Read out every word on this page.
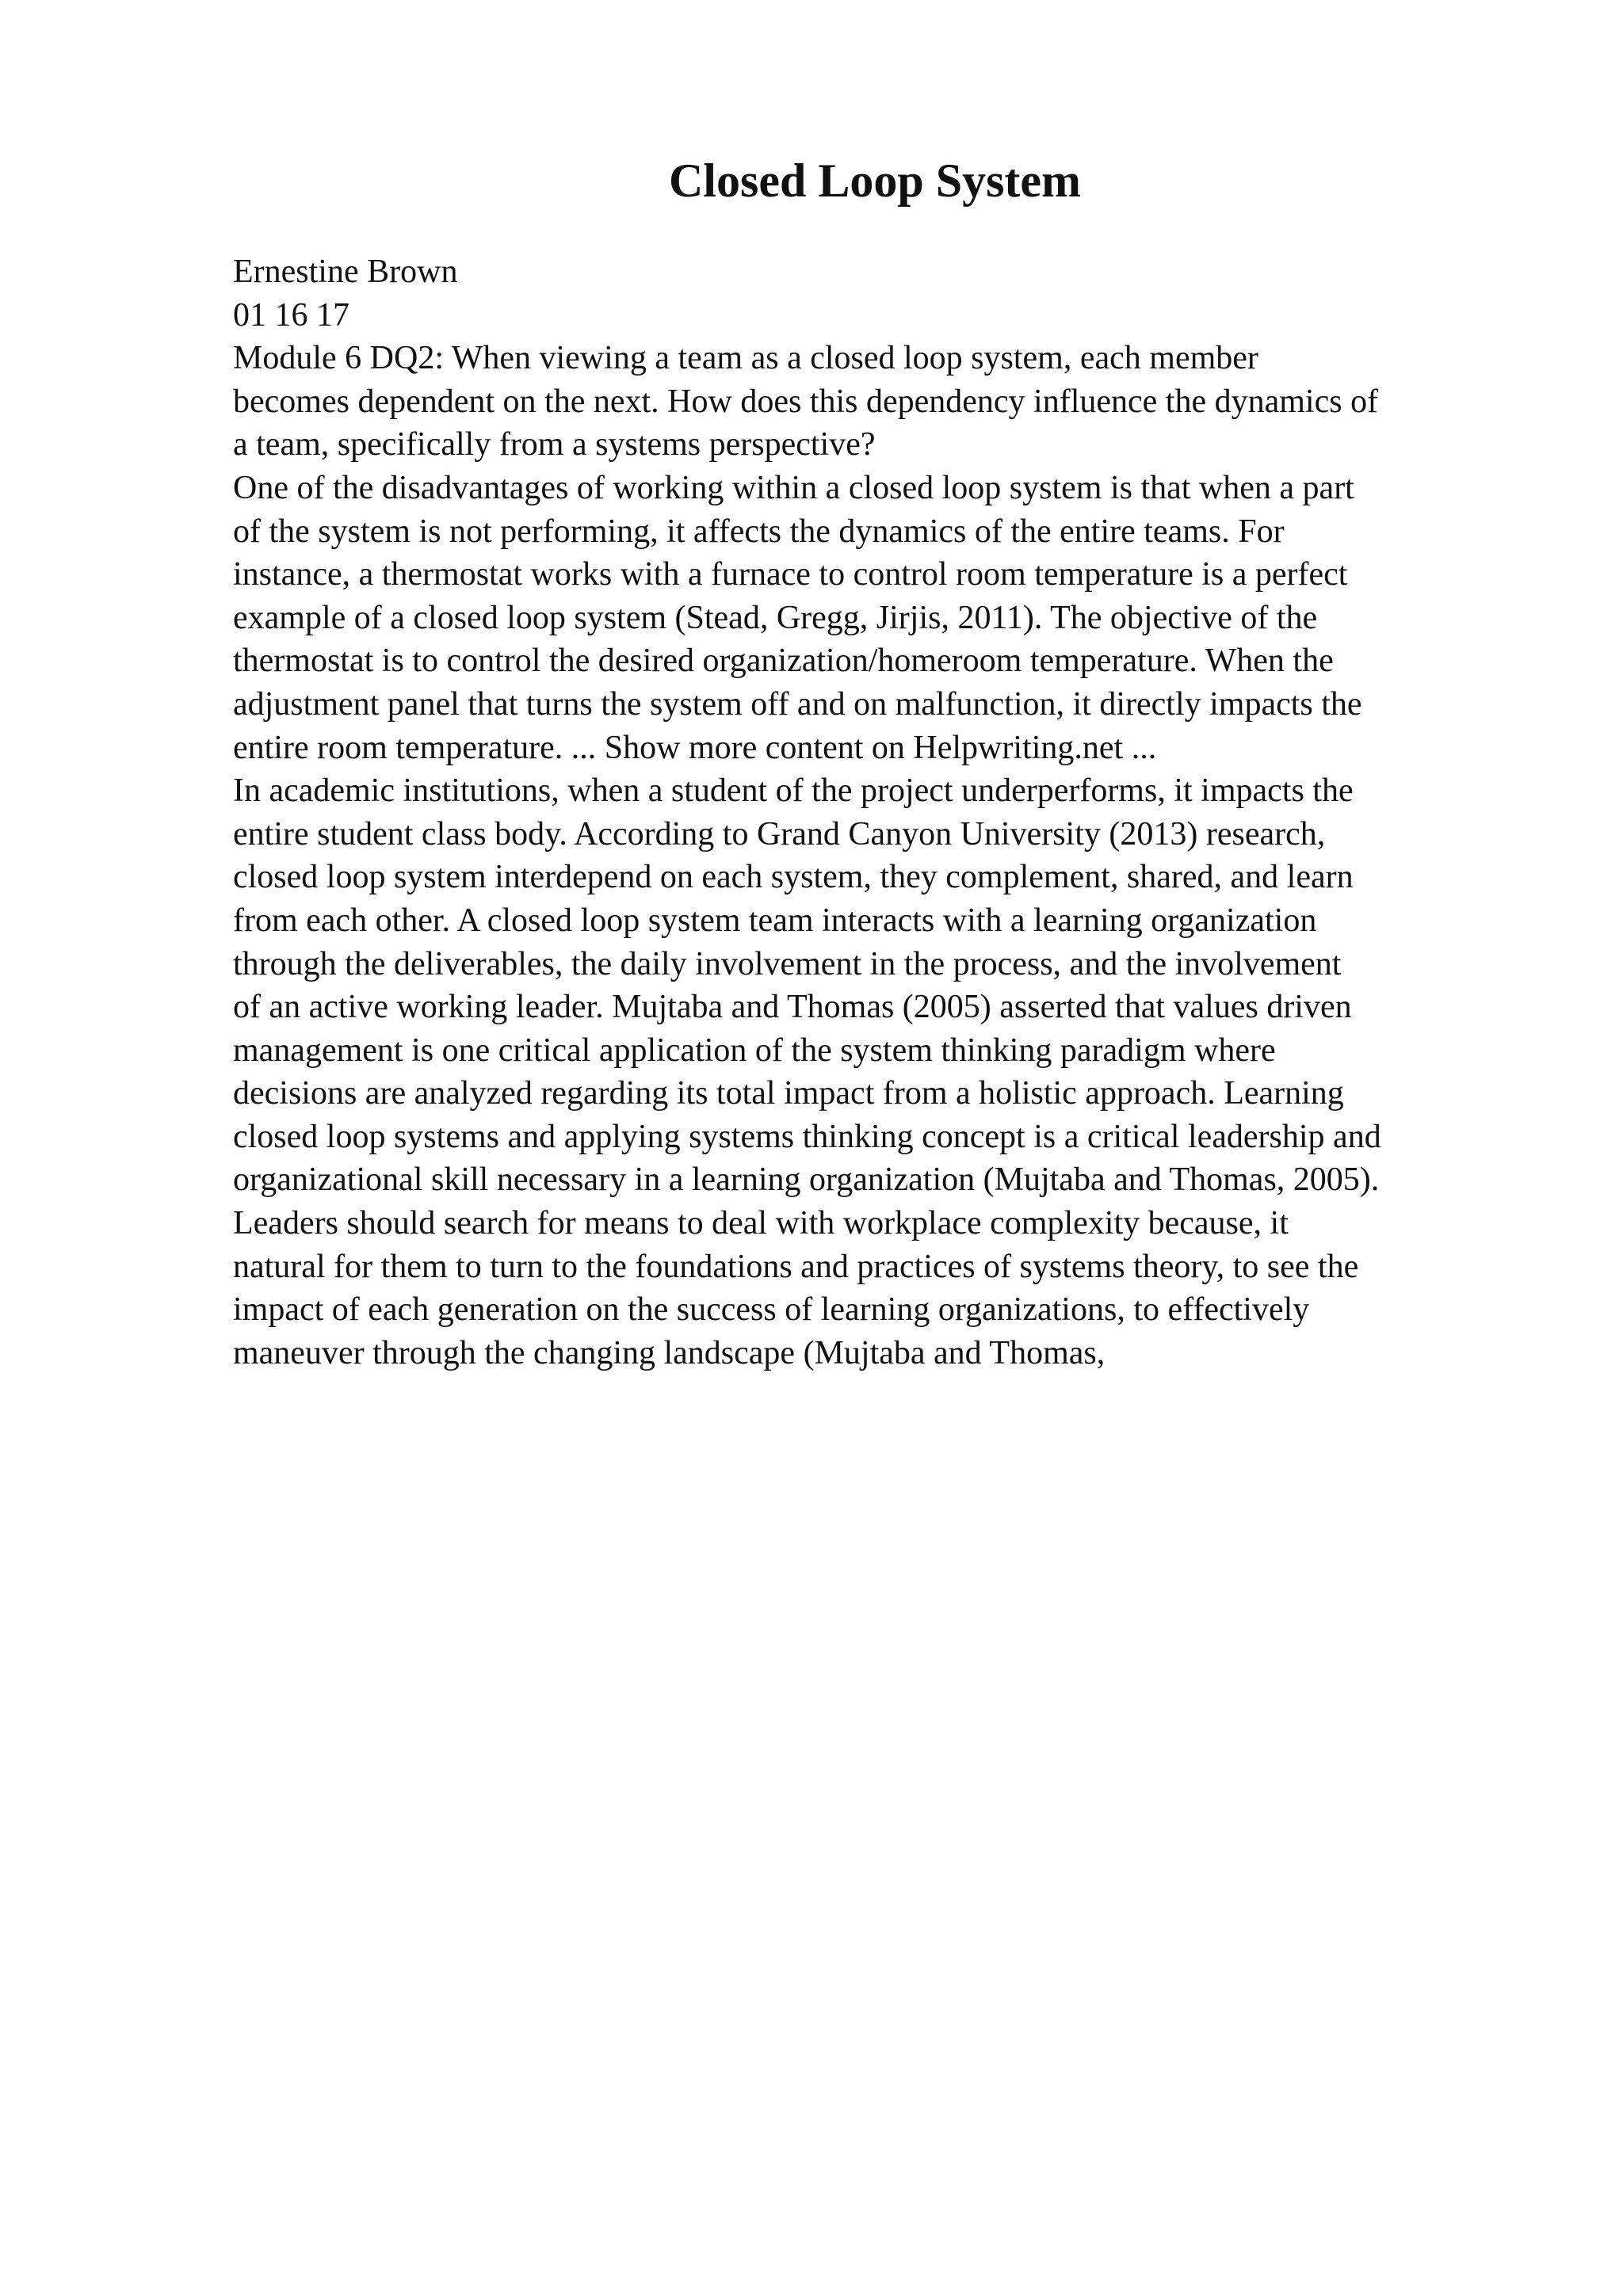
Closed Loop System
Ernestine Brown
01 16 17
Module 6 DQ2: When viewing a team as a closed loop system, each member
becomes dependent on the next. How does this dependency influence the dynamics of
a team, specifically from a systems perspective?
One of the disadvantages of working within a closed loop system is that when a part
of the system is not performing, it affects the dynamics of the entire teams. For
instance, a thermostat works with a furnace to control room temperature is a perfect
example of a closed loop system (Stead, Gregg, Jirjis, 2011). The objective of the
thermostat is to control the desired organization/homeroom temperature. When the
adjustment panel that turns the system off and on malfunction, it directly impacts the
entire room temperature. ... Show more content on Helpwriting.net ...
In academic institutions, when a student of the project underperforms, it impacts the
entire student class body. According to Grand Canyon University (2013) research,
closed loop system interdepend on each system, they complement, shared, and learn
from each other. A closed loop system team interacts with a learning organization
through the deliverables, the daily involvement in the process, and the involvement
of an active working leader. Mujtaba and Thomas (2005) asserted that values driven
management is one critical application of the system thinking paradigm where
decisions are analyzed regarding its total impact from a holistic approach. Learning
closed loop systems and applying systems thinking concept is a critical leadership and
organizational skill necessary in a learning organization (Mujtaba and Thomas, 2005).
Leaders should search for means to deal with workplace complexity because, it
natural for them to turn to the foundations and practices of systems theory, to see the
impact of each generation on the success of learning organizations, to effectively
maneuver through the changing landscape (Mujtaba and Thomas,
